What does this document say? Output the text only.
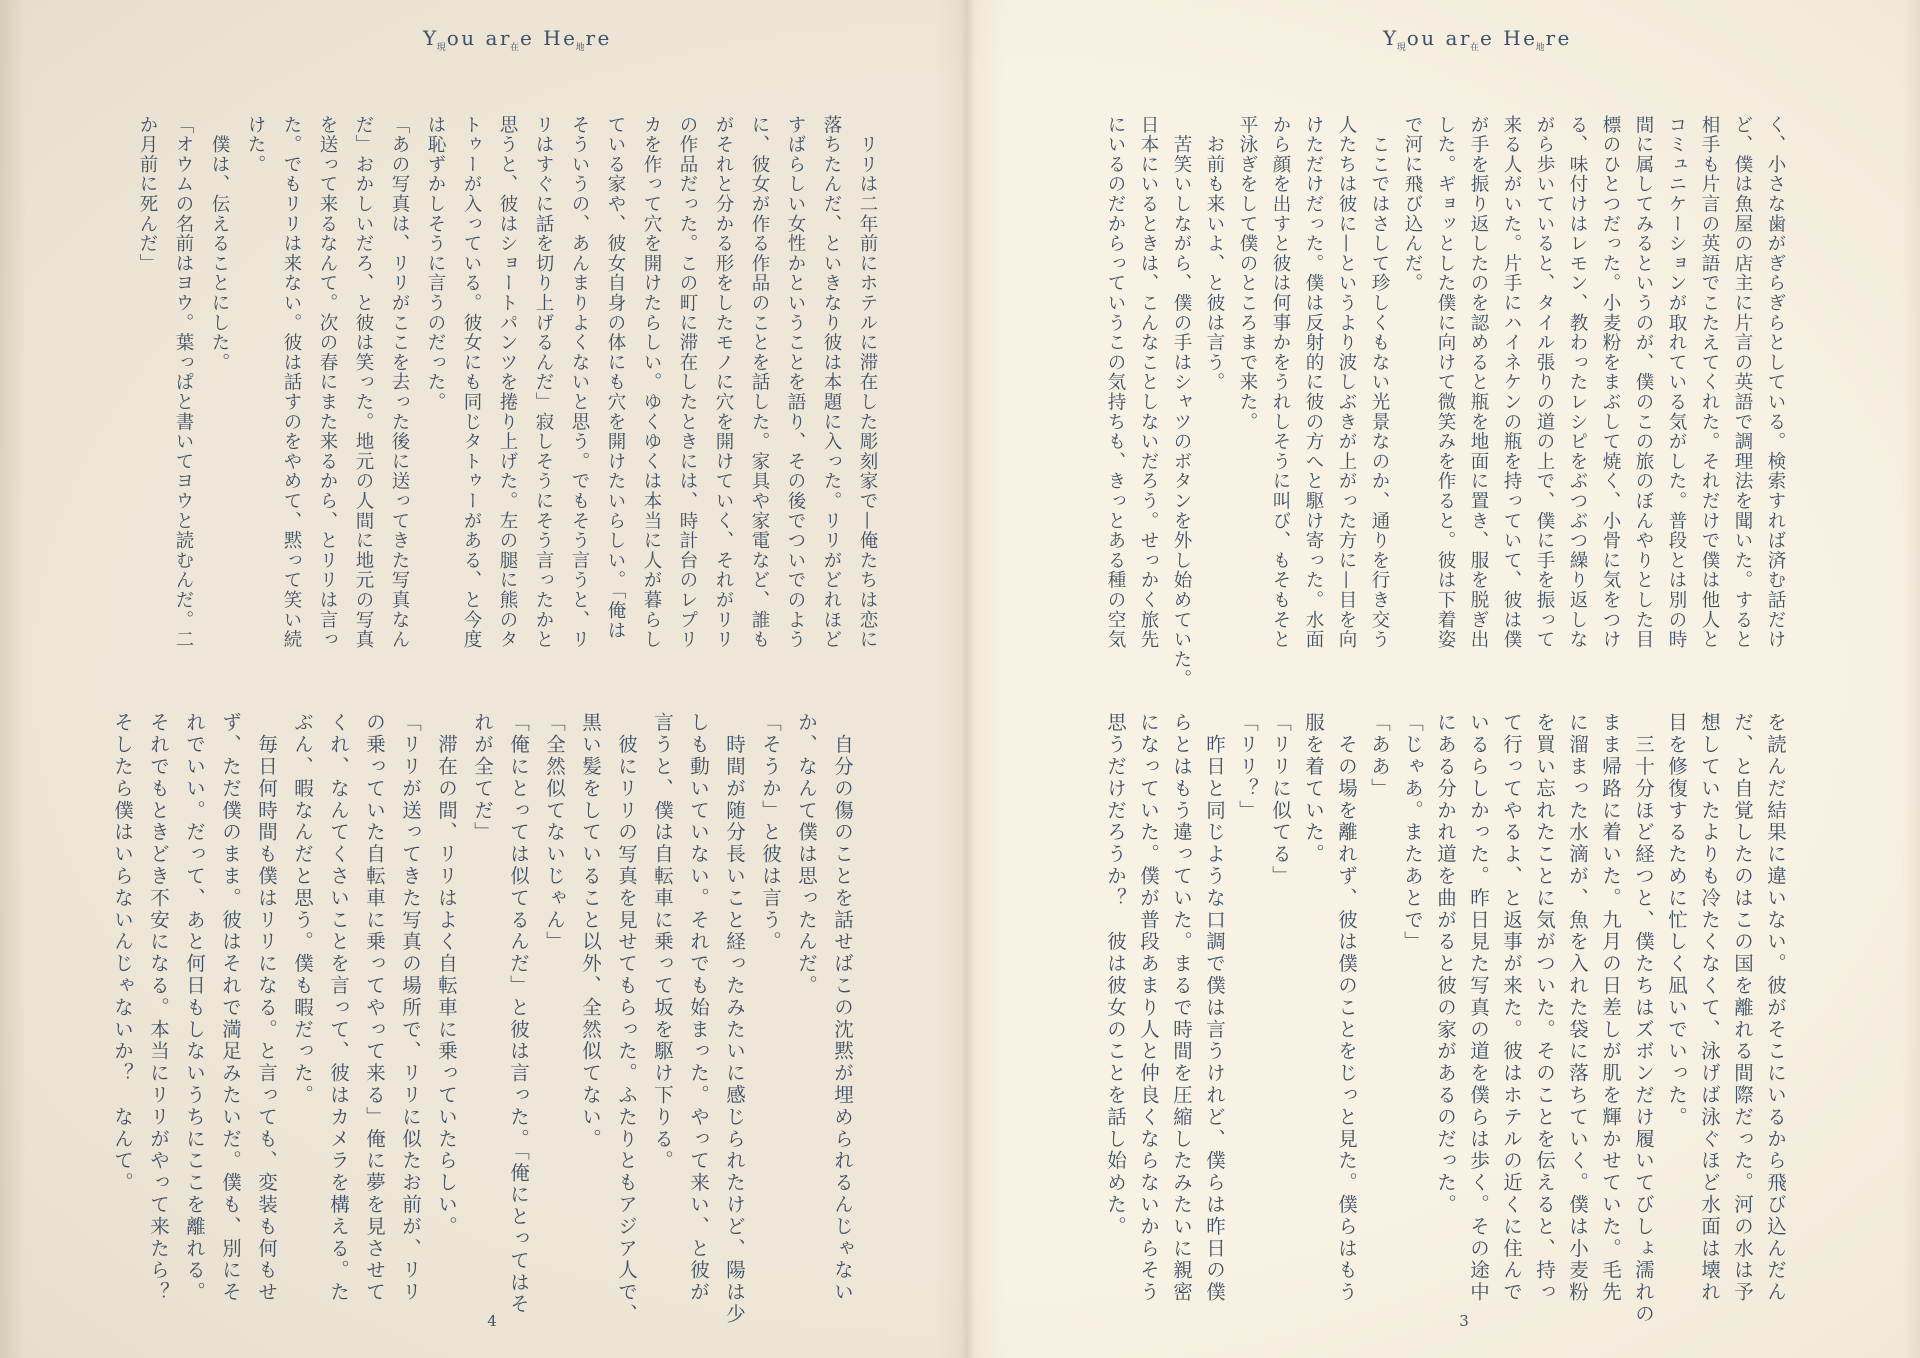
$Y_現ou$ $ar_在e$ $He_地re$
　リリは二年前にホテルに滞在した彫刻家で—俺たちは恋に
落ちたんだ、といきなり彼は本題に入った。リリがどれほど
すばらしい女性かということを語り、その後でついでのよう
に、彼女が作る作品のことを話した。家具や家電など、誰も
がそれと分かる形をしたモノに穴を開けていく、それがリリ
の作品だった。この町に滞在したときには、時計台のレプリ
カを作って穴を開けたらしい。ゆくゆくは本当に人が暮らし
ている家や、彼女自身の体にも穴を開けたいらしい。「俺は
そういうの、あんまりよくないと思う。でもそう言うと、リ
リはすぐに話を切り上げるんだ」寂しそうにそう言ったかと
思うと、彼はショートパンツを捲り上げた。左の腿に熊のタ
トゥーが入っている。彼女にも同じタトゥーがある、と今度
は恥ずかしそうに言うのだった。
「あの写真は、リリがここを去った後に送ってきた写真なん
だ」おかしいだろ、と彼は笑った。地元の人間に地元の写真
を送って来るなんて。次の春にまた来るから、とリリは言っ
た。でもリリは来ない。彼は話すのをやめて、黙って笑い続
けた。
　僕は、伝えることにした。
「オウムの名前はヨウ。葉っぱと書いてヨウと読むんだ。二
か月前に死んだ」
　自分の傷のことを話せばこの沈黙が埋められるんじゃない
か、なんて僕は思ったんだ。
「そうか」と彼は言う。
　時間が随分長いこと経ったみたいに感じられたけど、陽は少
しも動いていない。それでも始まった。やって来い、と彼が
言うと、僕は自転車に乗って坂を駆け下りる。
　彼にリリの写真を見せてもらった。ふたりともアジア人で、
黒い髪をしていること以外、全然似てない。
「全然似てないじゃん」
「俺にとっては似てるんだ」と彼は言った。「俺にとってはそ
れが全てだ」
　滞在の間、リリはよく自転車に乗っていたらしい。
「リリが送ってきた写真の場所で、リリに似たお前が、リリ
の乗っていた自転車に乗ってやって来る」俺に夢を見させて
くれ、なんてくさいことを言って、彼はカメラを構える。た
ぶん、暇なんだと思う。僕も暇だった。
　毎日何時間も僕はリリになる。と言っても、変装も何もせ
ず、ただ僕のまま。彼はそれで満足みたいだ。僕も、別にそ
れでいい。だって、あと何日もしないうちにここを離れる。
それでもときどき不安になる。本当にリリがやって来たら？
そしたら僕はいらないんじゃないか？　なんて。
4
$Y_現ou$ $ar_在e$ $He_地re$
く、小さな歯がぎらぎらとしている。検索すれば済む話だけ
ど、僕は魚屋の店主に片言の英語で調理法を聞いた。すると
相手も片言の英語でこたえてくれた。それだけで僕は他人と
コミュニケーションが取れている気がした。普段とは別の時
間に属してみるというのが、僕のこの旅のぼんやりとした目
標のひとつだった。小麦粉をまぶして焼く、小骨に気をつけ
る、味付けはレモン、教わったレシピをぶつぶつ繰り返しな
がら歩いていると、タイル張りの道の上で、僕に手を振って
来る人がいた。片手にハイネケンの瓶を持っていて、彼は僕
が手を振り返したのを認めると瓶を地面に置き、服を脱ぎ出
した。ギョッとした僕に向けて微笑みを作ると。彼は下着姿
で河に飛び込んだ。
　ここではさして珍しくもない光景なのか、通りを行き交う
人たちは彼に—というより波しぶきが上がった方に—目を向
けただけだった。僕は反射的に彼の方へと駆け寄った。水面
から顔を出すと彼は何事かをうれしそうに叫び、もそもそと
平泳ぎをして僕のところまで来た。
　お前も来いよ、と彼は言う。
　苦笑いしながら、僕の手はシャツのボタンを外し始めていた。
日本にいるときは、こんなことしないだろう。せっかく旅先
にいるのだからっていうこの気持ちも、きっとある種の空気
を読んだ結果に違いない。彼がそこにいるから飛び込んだん
だ、と自覚したのはこの国を離れる間際だった。河の水は予
想していたよりも冷たくなくて、泳げば泳ぐほど水面は壊れ
目を修復するために忙しく凪いでいった。
　三十分ほど経つと、僕たちはズボンだけ履いてびしょ濡れの
まま帰路に着いた。九月の日差しが肌を輝かせていた。毛先
に溜まった水滴が、魚を入れた袋に落ちていく。僕は小麦粉
を買い忘れたことに気がついた。そのことを伝えると、持っ
て行ってやるよ、と返事が来た。彼はホテルの近くに住んで
いるらしかった。昨日見た写真の道を僕らは歩く。その途中
にある分かれ道を曲がると彼の家があるのだった。
「じゃあ。またあとで」
「ああ」
　その場を離れず、彼は僕のことをじっと見た。僕らはもう
服を着ていた。
「リリに似てる」
「リリ？」
　昨日と同じような口調で僕は言うけれど、僕らは昨日の僕
らとはもう違っていた。まるで時間を圧縮したみたいに親密
になっていた。僕が普段あまり人と仲良くならないからそう
思うだけだろうか？　彼は彼女のことを話し始めた。
3
